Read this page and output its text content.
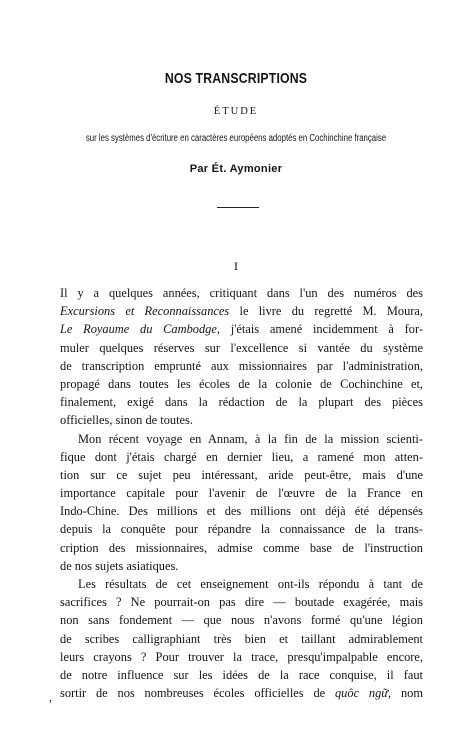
NOS TRANSCRIPTIONS
ÉTUDE
sur les systèmes d'écriture en caractères européens adoptés en Cochinchine française
Par Ét. Aymonier
I
Il y a quelques années, critiquant dans l'un des numéros des
Excursions et Reconnaissances le livre du regretté M. Moura,
Le Royaume du Cambodge, j'étais amené incidemment à for-
muler quelques réserves sur l'excellence si vantée du système
de transcription emprunté aux missionnaires par l'administration,
propagé dans toutes les écoles de la colonie de Cochinchine et,
finalement, exigé dans la rédaction de la plupart des pièces
officielles, sinon de toutes.
Mon récent voyage en Annam, à la fin de la mission scienti-
fique dont j'étais chargé en dernier lieu, a ramené mon atten-
tion sur ce sujet peu intéressant, aride peut-être, mais d'une
importance capitale pour l'avenir de l'œuvre de la France en
Indo-Chine. Des millions et des millions ont déjà été dépensés
depuis la conquête pour répandre la connaissance de la trans-
cription des missionnaires, admise comme base de l'instruction
de nos sujets asiatiques.
Les résultats de cet enseignement ont-ils répondu à tant de
sacrifices ? Ne pourrait-on pas dire — boutade exagérée, mais
non sans fondement — que nous n'avons formé qu'une légion
de scribes calligraphiant très bien et taillant admirablement
leurs crayons ? Pour trouver la trace, presqu'impalpable encore,
de notre influence sur les idées de la race conquise, il faut
sortir de nos nombreuses écoles officielles de quôc ngữ, nom
,
